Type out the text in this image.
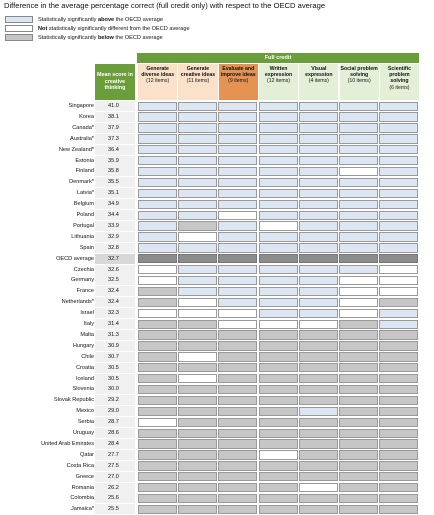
Difference in the average percentage correct (full credit only) with respect to the OECD average
Statistically significantly above the OECD average
Not statistically significantly different from the OECD average
Statistically significantly below the OECD average
Full credit
Mean score in creative thinking
Generate diverse ideas
(12 items)
Generate creative ideas
(11 items)
Evaluate and improve ideas
(9 items)
Written expression
(12 items)
Visual expression
(4 items)
Social problem solving
(10 items)
Scientific problem solving
(6 items)
Singapore	41.0
Korea	38.1
Canada*	37.9
Australia*	37.3
New Zealand*	36.4
Estonia	35.9
Finland	35.8
Denmark*	35.5
Latvia*	35.1
Belgium	34.9
Poland	34.4
Portugal	33.9
Lithuania	32.9
Spain	32.8
OECD average	32.7
Czechia	32.6
Germany	32.5
France	32.4
Netherlands*	32.4
Israel	32.3
Italy	31.4
Malta	31.3
Hungary	30.9
Chile	30.7
Croatia	30.5
Iceland	30.5
Slovenia	30.0
Slovak Republic	29.2
Mexico	29.0
Serbia	28.7
Uruguay	28.6
United Arab Emirates	28.4
Qatar	27.7
Costa Rica	27.5
Greece	27.0
Romania	26.2
Colombia	25.6
Jamaica*	25.5
